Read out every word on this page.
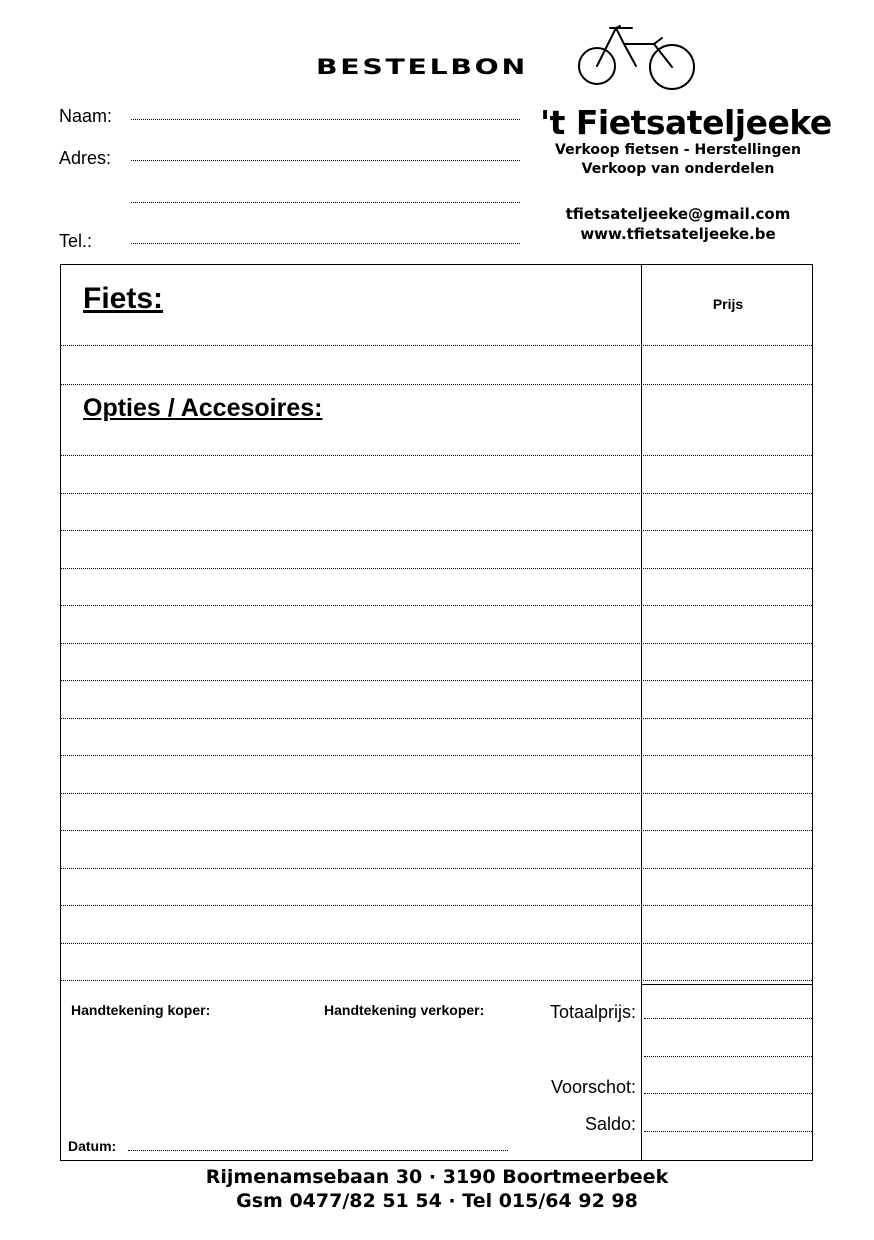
BESTELBON
Naam:
Adres:
Tel.:
't Fietsateljeeke
Verkoop fietsen - Herstellingen
Verkoop van onderdelen
tfietsateljeeke@gmail.com
www.tfietsateljeeke.be
Fiets:	Prijs
Opties / Accesoires:
Handtekening koper:	Handtekening verkoper:
Datum:
Totaalprijs:
Voorschot:
Saldo:
Rijmenamsebaan 30 · 3190 Boortmeerbeek
Gsm 0477/82 51 54 · Tel 015/64 92 98
